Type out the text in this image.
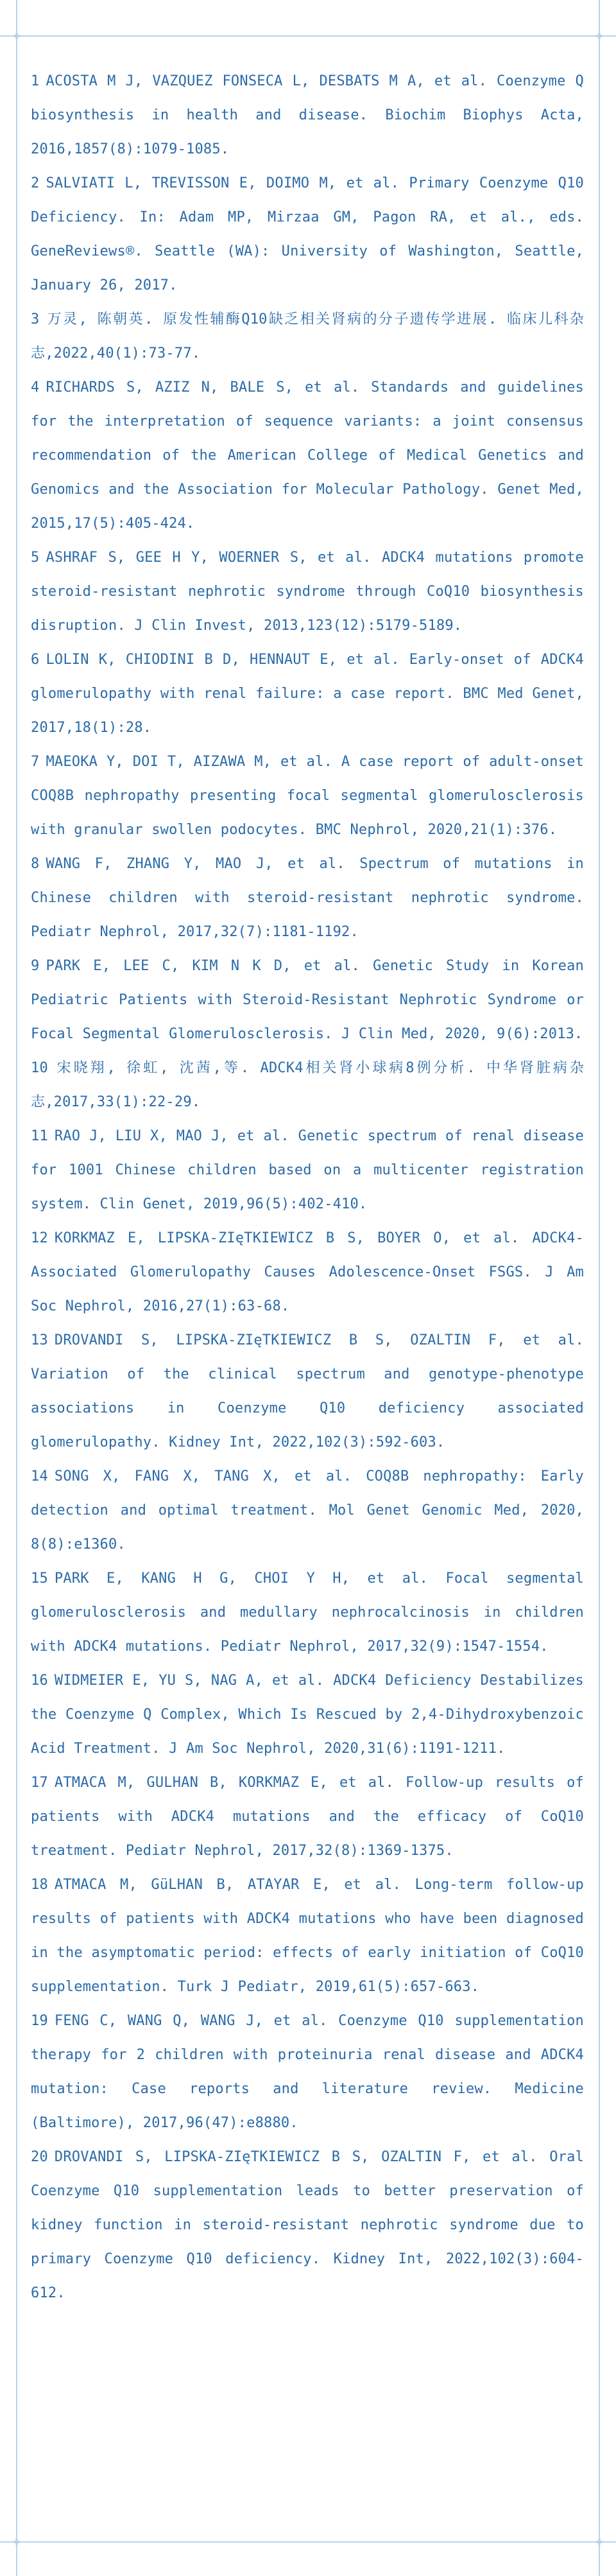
1 ACOSTA M J, VAZQUEZ FONSECA L, DESBATS M A, et al. Coenzyme Q biosynthesis in health and disease. Biochim Biophys Acta, 2016,1857(8):1079-1085.

2 SALVIATI L, TREVISSON E, DOIMO M, et al. Primary Coenzyme Q10 Deficiency. In: Adam MP, Mirzaa GM, Pagon RA, et al., eds. GeneReviews®. Seattle (WA): University of Washington, Seattle, January 26, 2017.

3 万灵, 陈朝英. 原发性辅酶Q10缺乏相关肾病的分子遗传学进展. 临床儿科杂志,2022,40(1):73-77.

4 RICHARDS S, AZIZ N, BALE S, et al. Standards and guidelines for the interpretation of sequence variants: a joint consensus recommendation of the American College of Medical Genetics and Genomics and the Association for Molecular Pathology. Genet Med, 2015,17(5):405-424.

5 ASHRAF S, GEE H Y, WOERNER S, et al. ADCK4 mutations promote steroid-resistant nephrotic syndrome through CoQ10 biosynthesis disruption. J Clin Invest, 2013,123(12):5179-5189.

6 LOLIN K, CHIODINI B D, HENNAUT E, et al. Early-onset of ADCK4 glomerulopathy with renal failure: a case report. BMC Med Genet, 2017,18(1):28.

7 MAEOKA Y, DOI T, AIZAWA M, et al. A case report of adult-onset COQ8B nephropathy presenting focal segmental glomerulosclerosis with granular swollen podocytes. BMC Nephrol, 2020,21(1):376.

8 WANG F, ZHANG Y, MAO J, et al. Spectrum of mutations in Chinese children with steroid-resistant nephrotic syndrome. Pediatr Nephrol, 2017,32(7):1181-1192.

9 PARK E, LEE C, KIM N K D, et al. Genetic Study in Korean Pediatric Patients with Steroid-Resistant Nephrotic Syndrome or Focal Segmental Glomerulosclerosis. J Clin Med, 2020, 9(6):2013.

10 宋晓翔, 徐虹, 沈茜,等. ADCK4相关肾小球病8例分析. 中华肾脏病杂志,2017,33(1):22-29.

11 RAO J, LIU X, MAO J, et al. Genetic spectrum of renal disease for 1001 Chinese children based on a multicenter registration system. Clin Genet, 2019,96(5):402-410.

12 KORKMAZ E, LIPSKA-ZIęTKIEWICZ B S, BOYER O, et al. ADCK4-Associated Glomerulopathy Causes Adolescence-Onset FSGS. J Am Soc Nephrol, 2016,27(1):63-68.

13 DROVANDI S, LIPSKA-ZIęTKIEWICZ B S, OZALTIN F, et al. Variation of the clinical spectrum and genotype-phenotype associations in Coenzyme Q10 deficiency associated glomerulopathy. Kidney Int, 2022,102(3):592-603.

14 SONG X, FANG X, TANG X, et al. COQ8B nephropathy: Early detection and optimal treatment. Mol Genet Genomic Med, 2020, 8(8):e1360.

15 PARK E, KANG H G, CHOI Y H, et al. Focal segmental glomerulosclerosis and medullary nephrocalcinosis in children with ADCK4 mutations. Pediatr Nephrol, 2017,32(9):1547-1554.

16 WIDMEIER E, YU S, NAG A, et al. ADCK4 Deficiency Destabilizes the Coenzyme Q Complex, Which Is Rescued by 2,4-Dihydroxybenzoic Acid Treatment. J Am Soc Nephrol, 2020,31(6):1191-1211.

17 ATMACA M, GULHAN B, KORKMAZ E, et al. Follow-up results of patients with ADCK4 mutations and the efficacy of CoQ10 treatment. Pediatr Nephrol, 2017,32(8):1369-1375.

18 ATMACA M, GüLHAN B, ATAYAR E, et al. Long-term follow-up results of patients with ADCK4 mutations who have been diagnosed in the asymptomatic period: effects of early initiation of CoQ10 supplementation. Turk J Pediatr, 2019,61(5):657-663.

19 FENG C, WANG Q, WANG J, et al. Coenzyme Q10 supplementation therapy for 2 children with proteinuria renal disease and ADCK4 mutation: Case reports and literature review. Medicine (Baltimore), 2017,96(47):e8880.

20 DROVANDI S, LIPSKA-ZIęTKIEWICZ B S, OZALTIN F, et al. Oral Coenzyme Q10 supplementation leads to better preservation of kidney function in steroid-resistant nephrotic syndrome due to primary Coenzyme Q10 deficiency. Kidney Int, 2022,102(3):604-612.
